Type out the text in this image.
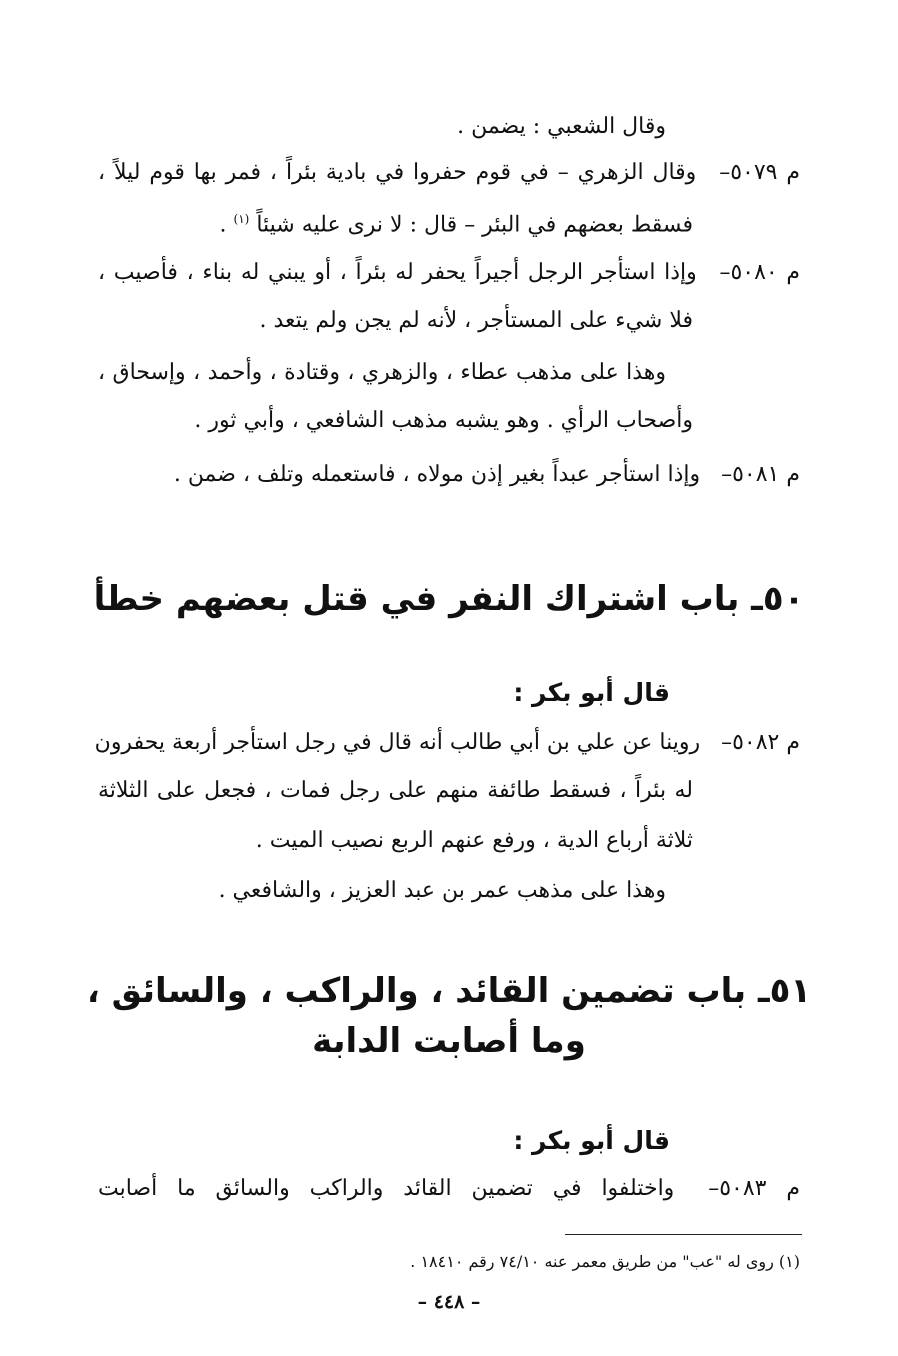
وقال الشعبي : يضمن .
م ٥٠٧٩– وقال الزهري – في قوم حفروا في بادية بئراً ، فمر بها قوم ليلاً ،
فسقط بعضهم في البئر – قال : لا نرى عليه شيئاً $^{(١)}$ .
م ٥٠٨٠– وإذا استأجر الرجل أجيراً يحفر له بئراً ، أو يبني له بناء ، فأصيب ،
فلا شيء على المستأجر ، لأنه لم يجن ولم يتعد .
وهذا على مذهب عطاء ، والزهري ، وقتادة ، وأحمد ، وإسحاق ،
وأصحاب الرأي . وهو يشبه مذهب الشافعي ، وأبي ثور .
م ٥٠٨١– وإذا استأجر عبداً بغير إذن مولاه ، فاستعمله وتلف ، ضمن .
٥٠ـ باب اشتراك النفر في قتل بعضهم خطأ
قال أبو بكر :
م ٥٠٨٢– روينا عن علي بن أبي طالب أنه قال في رجل استأجر أربعة يحفرون
له بئراً ، فسقط طائفة منهم على رجل فمات ، فجعل على الثلاثة
ثلاثة أرباع الدية ، ورفع عنهم الربع نصيب الميت .
وهذا على مذهب عمر بن عبد العزيز ، والشافعي .
٥١ـ باب تضمين القائد ، والراكب ، والسائق ،
وما أصابت الدابة
قال أبو بكر :
م ٥٠٨٣– واختلفوا في تضمين القائد والراكب والسائق ما أصابت
(١) روى له "عب" من طريق معمر عنه ٧٤/١٠ رقم ١٨٤١٠ .
– ٤٤٨ –
